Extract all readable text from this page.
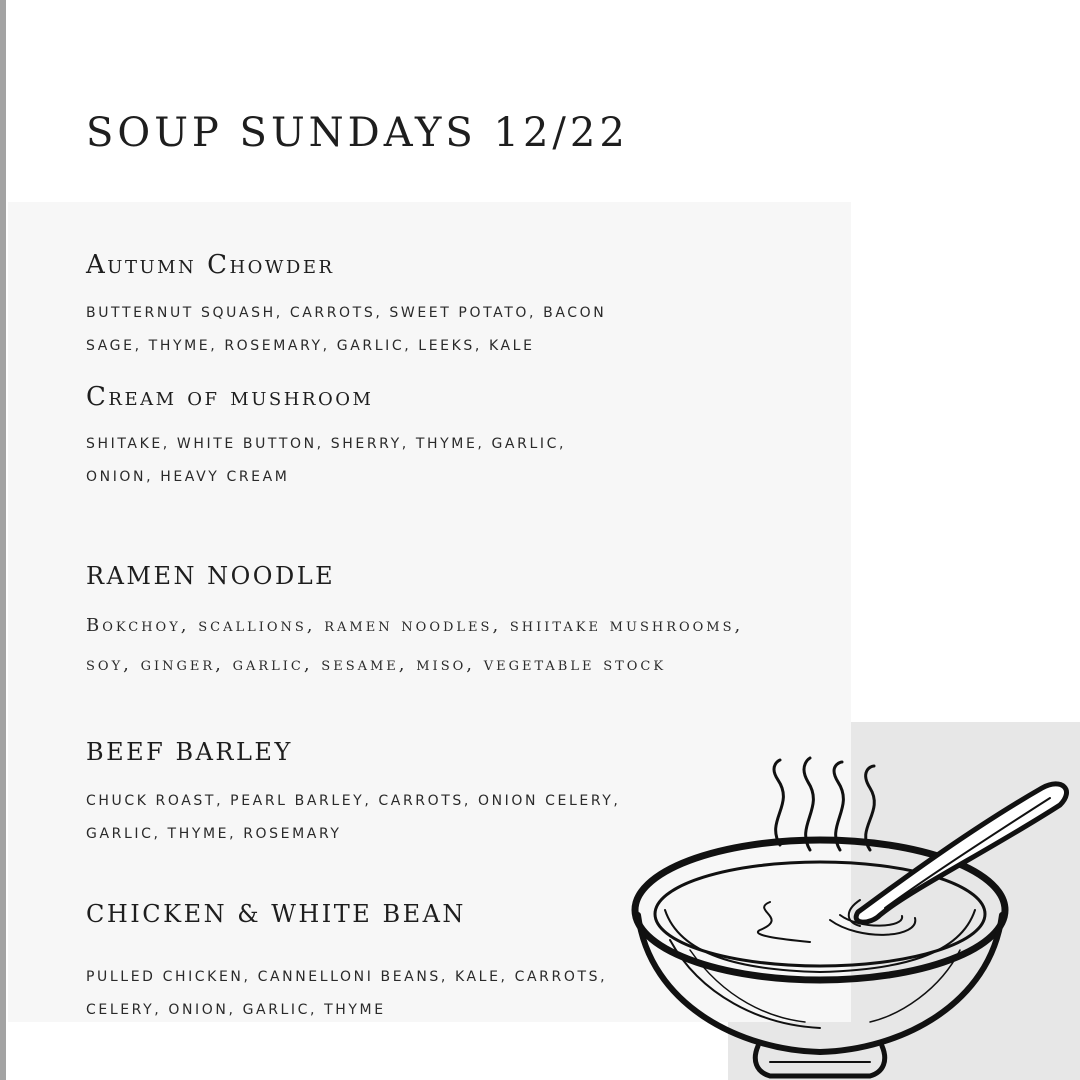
SOUP SUNDAYS 12/22
Autumn Chowder

BUTTERNUT SQUASH, CARROTS, SWEET POTATO, BACON

SAGE, THYME, ROSEMARY, GARLIC, LEEKS, KALE

Cream of mushroom

SHITAKE, WHITE BUTTON, SHERRY, THYME, GARLIC,

ONION, HEAVY CREAM

RAMEN NOODLE

Bokchoy, scallions, ramen noodles, shiitake mushrooms,

soy, ginger, garlic, sesame, miso, vegetable stock

BEEF BARLEY

CHUCK ROAST, PEARL BARLEY, CARROTS, ONION CELERY,

GARLIC, THYME, ROSEMARY

CHICKEN & WHITE BEAN

PULLED CHICKEN, CANNELLONI BEANS, KALE, CARROTS,

CELERY, ONION, GARLIC, THYME
